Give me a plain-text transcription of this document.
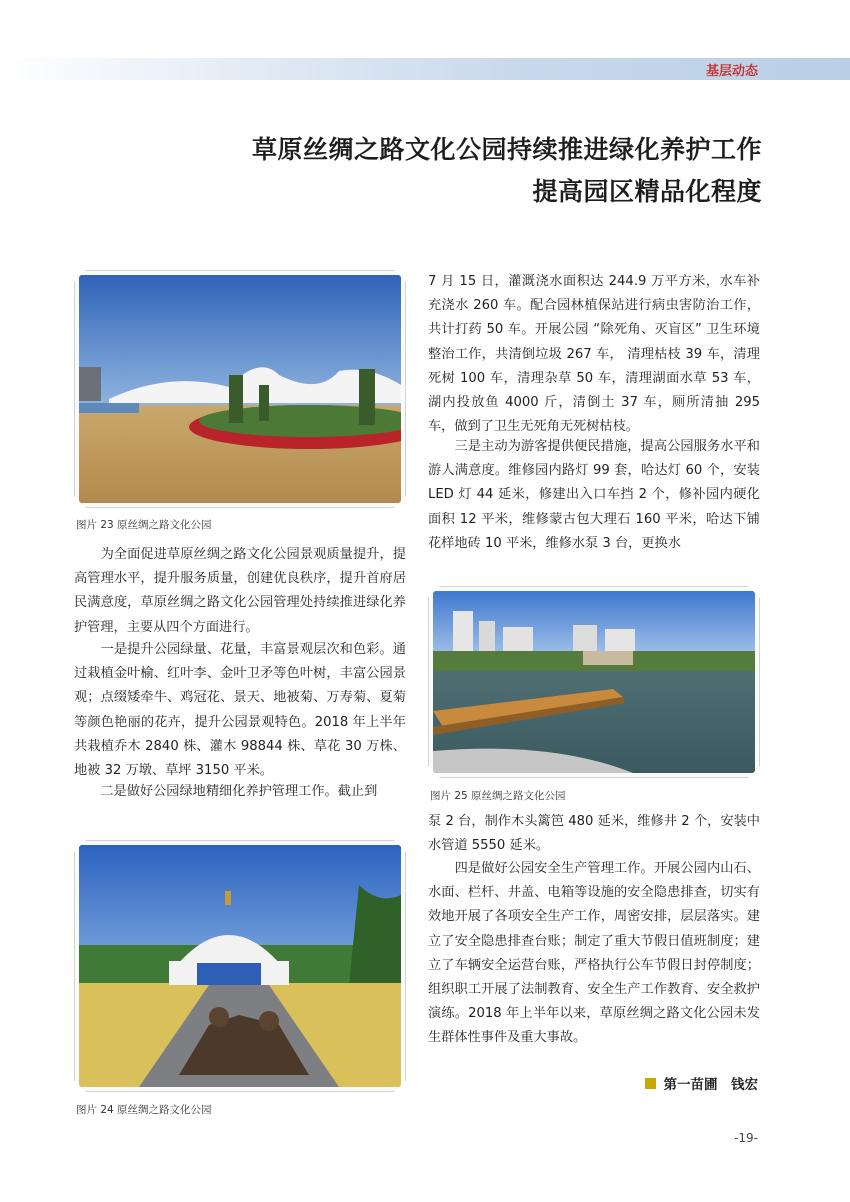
基层动态
草原丝绸之路文化公园持续推进绿化养护工作
提高园区精品化程度
图片 23 原丝绸之路文化公园
　　为全面促进草原丝绸之路文化公园景观质量提升，提高管理水平，提升服务质量，创建优良秩序，提升首府居民满意度，草原丝绸之路文化公园管理处持续推进绿化养护管理，主要从四个方面进行。
　　一是提升公园绿量、花量，丰富景观层次和色彩。通过栽植金叶榆、红叶李、金叶卫矛等色叶树，丰富公园景观；点缀矮牵牛、鸡冠花、景天、地被菊、万寿菊、夏菊等颜色艳丽的花卉，提升公园景观特色。2018 年上半年共栽植乔木 2840 株、灌木 98844 株、草花 30 万株、地被 32 万墩、草坪 3150 平米。
　　二是做好公园绿地精细化养护管理工作。截止到
图片 24 原丝绸之路文化公园
7 月 15 日，灌溉浇水面积达 244.9 万平方米，水车补充浇水 260 车。配合园林植保站进行病虫害防治工作，共计打药 50 车。开展公园 “除死角、灭盲区” 卫生环境整治工作，共清倒垃圾 267 车， 清理枯枝 39 车，清理死树 100 车，清理杂草 50 车，清理湖面水草 53 车，湖内投放鱼 4000 斤，清倒土 37 车，厕所清抽 295 车，做到了卫生无死角无死树枯枝。
　　三是主动为游客提供便民措施，提高公园服务水平和游人满意度。维修园内路灯 99 套，哈达灯 60 个，安装 LED 灯 44 延米，修建出入口车挡 2 个，修补园内硬化面积 12 平米，维修蒙古包大理石 160 平米，哈达下铺花样地砖 10 平米，维修水泵 3 台，更换水
图片 25 原丝绸之路文化公园
泵 2 台，制作木头篱笆 480 延米，维修井 2 个，安装中水管道 5550 延米。
　　四是做好公园安全生产管理工作。开展公园内山石、水面、栏杆、井盖、电箱等设施的安全隐患排查，切实有效地开展了各项安全生产工作，周密安排，层层落实。建立了安全隐患排查台账；制定了重大节假日值班制度；建立了车辆安全运营台账，严格执行公车节假日封停制度；组织职工开展了法制教育、安全生产工作教育、安全救护演练。2018 年上半年以来，草原丝绸之路文化公园未发生群体性事件及重大事故。
第一苗圃　钱宏
-19-
